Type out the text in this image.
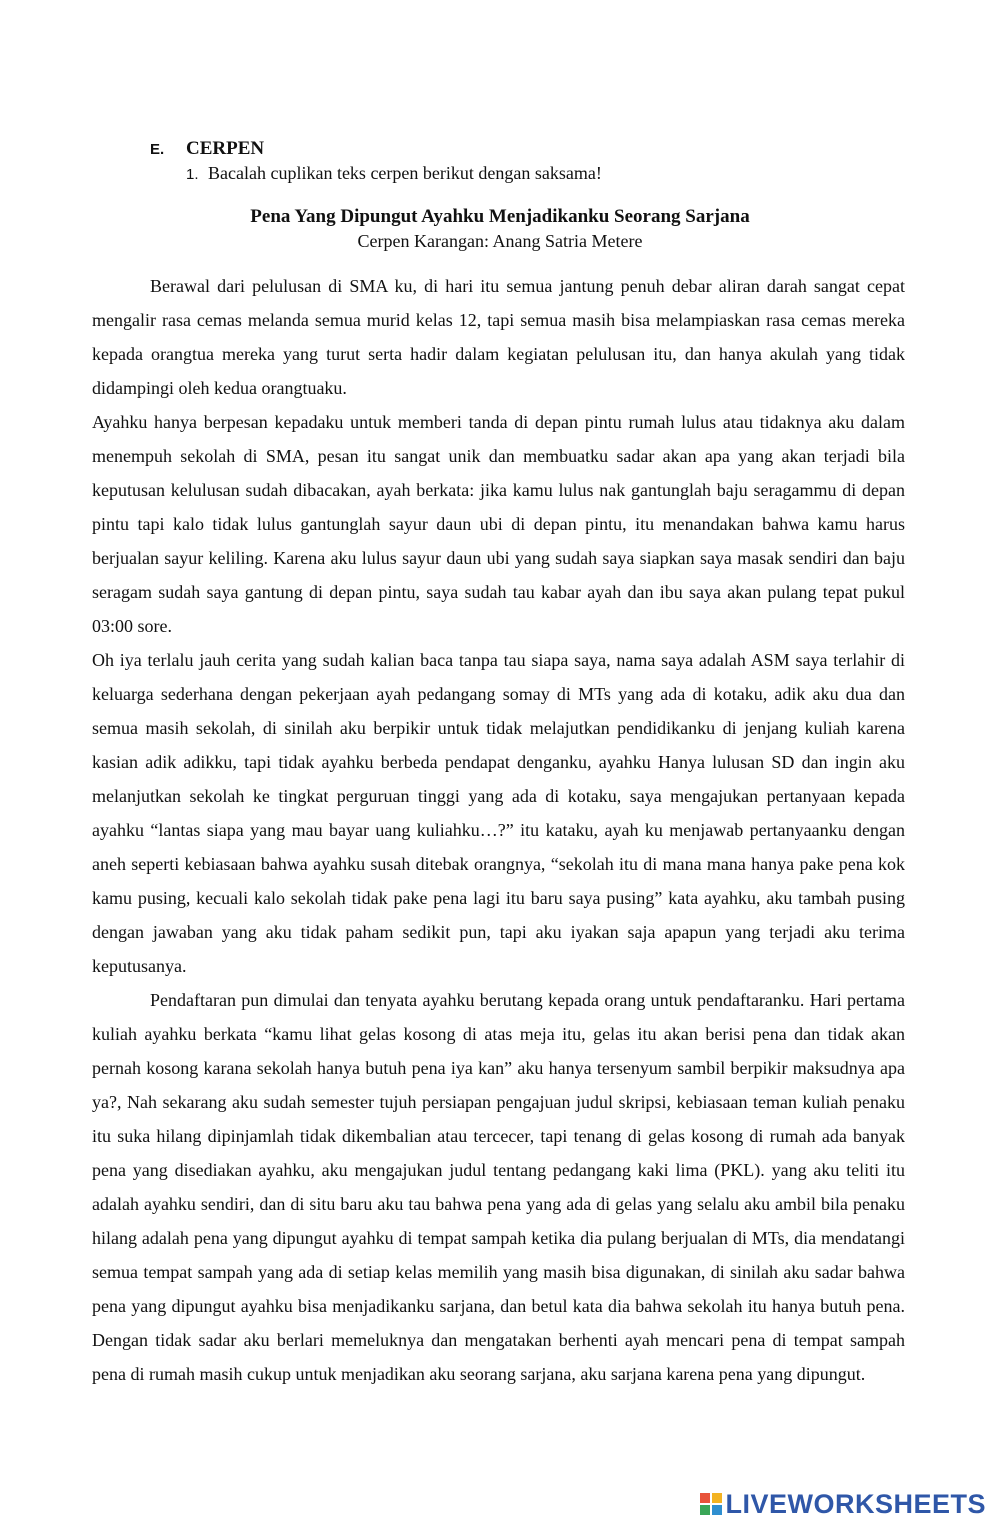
E. CERPEN
1. Bacalah cuplikan teks cerpen berikut dengan saksama!
Pena Yang Dipungut Ayahku Menjadikanku Seorang Sarjana
Cerpen Karangan: Anang Satria Metere

Berawal dari pelulusan di SMA ku, di hari itu semua jantung penuh debar aliran darah sangat cepat mengalir rasa cemas melanda semua murid kelas 12, tapi semua masih bisa melampiaskan rasa cemas mereka kepada orangtua mereka yang turut serta hadir dalam kegiatan pelulusan itu, dan hanya akulah yang tidak didampingi oleh kedua orangtuaku.

Ayahku hanya berpesan kepadaku untuk memberi tanda di depan pintu rumah lulus atau tidaknya aku dalam menempuh sekolah di SMA, pesan itu sangat unik dan membuatku sadar akan apa yang akan terjadi bila keputusan kelulusan sudah dibacakan, ayah berkata: jika kamu lulus nak gantunglah baju seragammu di depan pintu tapi kalo tidak lulus gantunglah sayur daun ubi di depan pintu, itu menandakan bahwa kamu harus berjualan sayur keliling. Karena aku lulus sayur daun ubi yang sudah saya siapkan saya masak sendiri dan baju seragam sudah saya gantung di depan pintu, saya sudah tau kabar ayah dan ibu saya akan pulang tepat pukul 03:00 sore.

Oh iya terlalu jauh cerita yang sudah kalian baca tanpa tau siapa saya, nama saya adalah ASM saya terlahir di keluarga sederhana dengan pekerjaan ayah pedangang somay di MTs yang ada di kotaku, adik aku dua dan semua masih sekolah, di sinilah aku berpikir untuk tidak melajutkan pendidikanku di jenjang kuliah karena kasian adik adikku, tapi tidak ayahku berbeda pendapat denganku, ayahku Hanya lulusan SD dan ingin aku melanjutkan sekolah ke tingkat perguruan tinggi yang ada di kotaku, saya mengajukan pertanyaan kepada ayahku “lantas siapa yang mau bayar uang kuliahku…?” itu kataku, ayah ku menjawab pertanyaanku dengan aneh seperti kebiasaan bahwa ayahku susah ditebak orangnya, “sekolah itu di mana mana hanya pake pena kok kamu pusing, kecuali kalo sekolah tidak pake pena lagi itu baru saya pusing” kata ayahku, aku tambah pusing dengan jawaban yang aku tidak paham sedikit pun, tapi aku iyakan saja apapun yang terjadi aku terima keputusanya.

Pendaftaran pun dimulai dan tenyata ayahku berutang kepada orang untuk pendaftaranku. Hari pertama kuliah ayahku berkata “kamu lihat gelas kosong di atas meja itu, gelas itu akan berisi pena dan tidak akan pernah kosong karana sekolah hanya butuh pena iya kan” aku hanya tersenyum sambil berpikir maksudnya apa ya?, Nah sekarang aku sudah semester tujuh persiapan pengajuan judul skripsi, kebiasaan teman kuliah penaku itu suka hilang dipinjamlah tidak dikembalian atau tercecer, tapi tenang di gelas kosong di rumah ada banyak pena yang disediakan ayahku, aku mengajukan judul tentang pedangang kaki lima (PKL). yang aku teliti itu adalah ayahku sendiri, dan di situ baru aku tau bahwa pena yang ada di gelas yang selalu aku ambil bila penaku hilang adalah pena yang dipungut ayahku di tempat sampah ketika dia pulang berjualan di MTs, dia mendatangi semua tempat sampah yang ada di setiap kelas memilih yang masih bisa digunakan, di sinilah aku sadar bahwa pena yang dipungut ayahku bisa menjadikanku sarjana, dan betul kata dia bahwa sekolah itu hanya butuh pena. Dengan tidak sadar aku berlari memeluknya dan mengatakan berhenti ayah mencari pena di tempat sampah pena di rumah masih cukup untuk menjadikan aku seorang sarjana, aku sarjana karena pena yang dipungut.

LIVEWORKSHEETS
